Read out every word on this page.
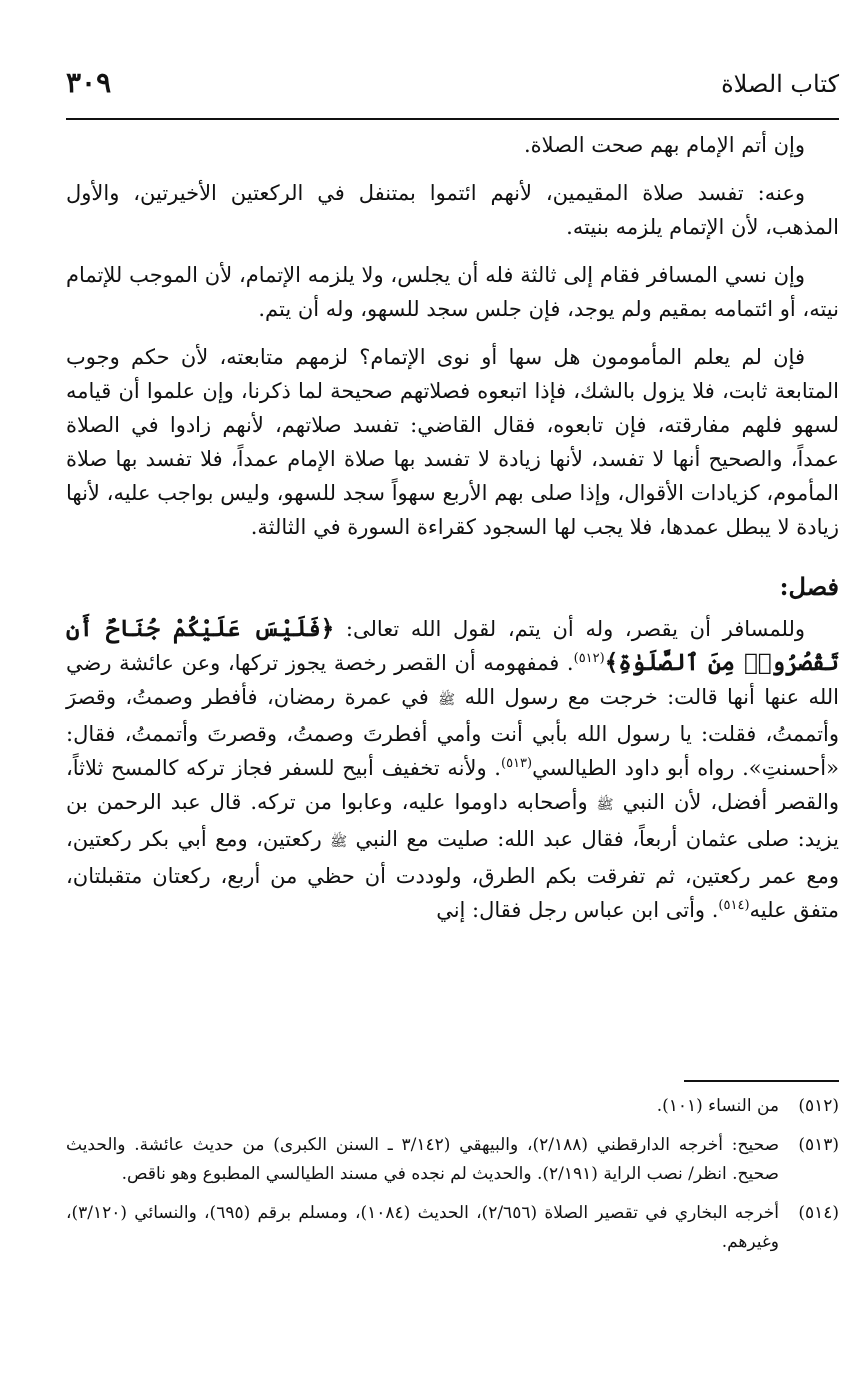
كتاب الصلاة
٣٠٩

وإن أتم الإمام بهم صحت الصلاة.

وعنه: تفسد صلاة المقيمين، لأنهم ائتموا بمتنفل في الركعتين الأخيرتين، والأول المذهب، لأن الإتمام يلزمه بنيته.

وإن نسي المسافر فقام إلى ثالثة فله أن يجلس، ولا يلزمه الإتمام، لأن الموجب للإتمام نيته، أو ائتمامه بمقيم ولم يوجد، فإن جلس سجد للسهو، وله أن يتم.

فإن لم يعلم المأمومون هل سها أو نوى الإتمام؟ لزمهم متابعته، لأن حكم وجوب المتابعة ثابت، فلا يزول بالشك، فإذا اتبعوه فصلاتهم صحيحة لما ذكرنا، وإن علموا أن قيامه لسهو فلهم مفارقته، فإن تابعوه، فقال القاضي: تفسد صلاتهم، لأنهم زادوا في الصلاة عمداً، والصحيح أنها لا تفسد، لأنها زيادة لا تفسد بها صلاة الإمام عمداً، فلا تفسد بها صلاة المأموم، كزيادات الأقوال، وإذا صلى بهم الأربع سهواً سجد للسهو، وليس بواجب عليه، لأنها زيادة لا يبطل عمدها، فلا يجب لها السجود كقراءة السورة في الثالثة.

فصل:

وللمسافر أن يقصر، وله أن يتم، لقول الله تعالى: ﴿فَلَيْسَ عَلَيْكُمْ جُنَاحٌ أَن تَقْصُرُوا۟ مِنَ ٱلصَّلَوٰةِ﴾$^{(٥١٢)}$. فمفهومه أن القصر رخصة يجوز تركها، وعن عائشة رضي الله عنها أنها قالت: خرجت مع رسول الله ﷺ في عمرة رمضان، فأفطر وصمتُ، وقصرَ وأتممتُ، فقلت: يا رسول الله بأبي أنت وأمي أفطرتَ وصمتُ، وقصرتَ وأتممتُ، فقال: «أحسنتِ». رواه أبو داود الطيالسي$^{(٥١٣)}$. ولأنه تخفيف أبيح للسفر فجاز تركه كالمسح ثلاثاً، والقصر أفضل، لأن النبي ﷺ وأصحابه داوموا عليه، وعابوا من تركه. قال عبد الرحمن بن يزيد: صلى عثمان أربعاً، فقال عبد الله: صليت مع النبي ﷺ ركعتين، ومع أبي بكر ركعتين، ومع عمر ركعتين، ثم تفرقت بكم الطرق، ولوددت أن حظي من أربع، ركعتان متقبلتان، متفق عليه$^{(٥١٤)}$. وأتى ابن عباس رجل فقال: إني

(٥١٢)
من النساء (١٠١).
(٥١٣)
صحيح: أخرجه الدارقطني (٢/١٨٨)، والبيهقي (٣/١٤٢ ـ السنن الكبرى) من حديث عائشة. والحديث صحيح. انظر/ نصب الراية (٢/١٩١). والحديث لم نجده في مسند الطيالسي المطبوع وهو ناقص.
(٥١٤)
أخرجه البخاري في تقصير الصلاة (٢/٦٥٦)، الحديث (١٠٨٤)، ومسلم برقم (٦٩٥)، والنسائي (٣/١٢٠)، وغيرهم.
